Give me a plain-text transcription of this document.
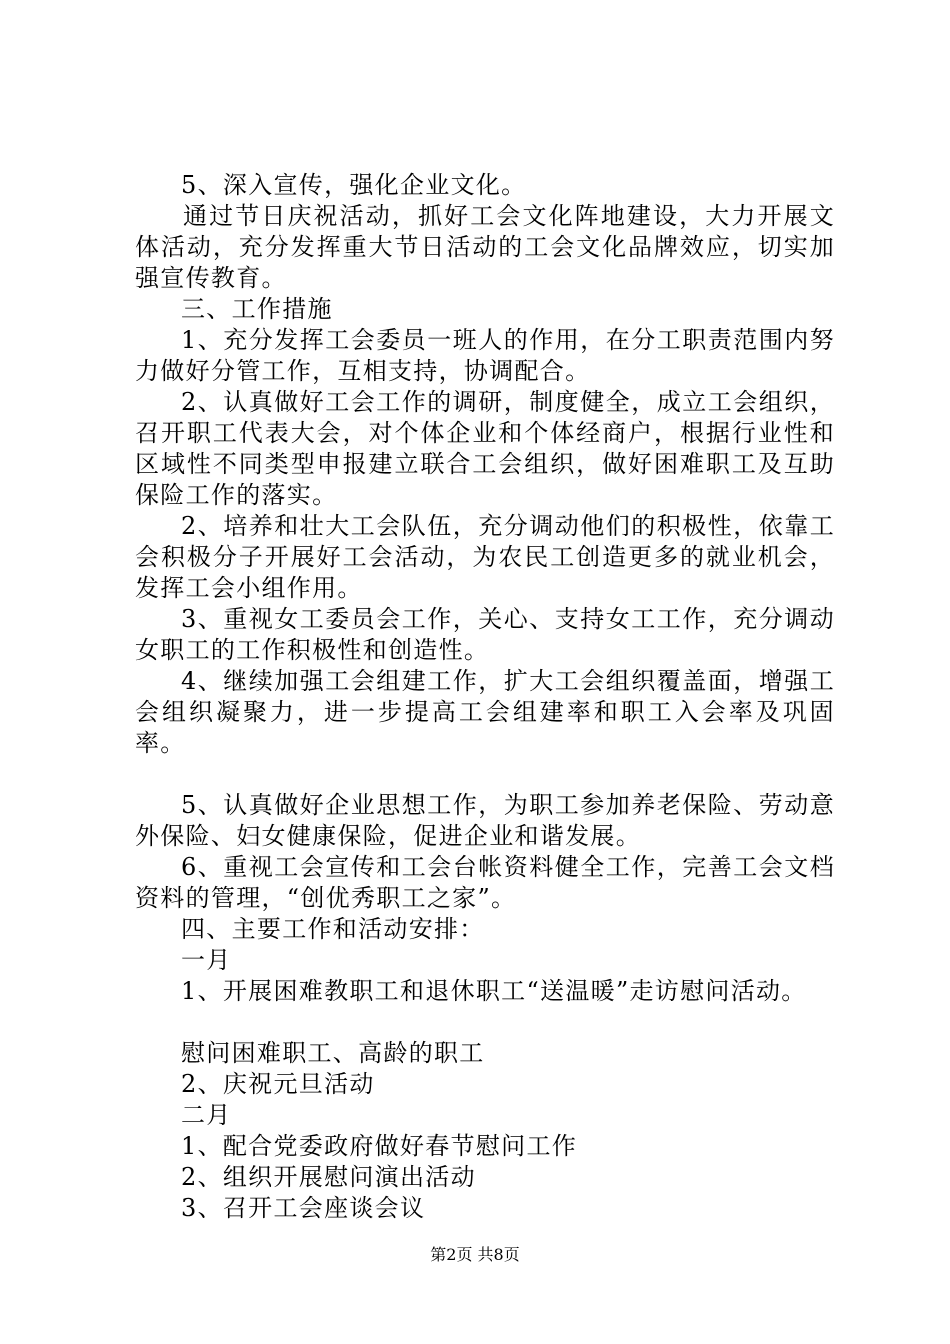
5、深入宣传，强化企业文化。

通过节日庆祝活动，抓好工会文化阵地建设，大力开展文体活动，充分发挥重大节日活动的工会文化品牌效应，切实加强宣传教育。

三、工作措施

1、充分发挥工会委员一班人的作用，在分工职责范围内努力做好分管工作，互相支持，协调配合。

2、认真做好工会工作的调研，制度健全，成立工会组织，召开职工代表大会，对个体企业和个体经商户，根据行业性和区域性不同类型申报建立联合工会组织，做好困难职工及互助保险工作的落实。

2、培养和壮大工会队伍，充分调动他们的积极性，依靠工会积极分子开展好工会活动，为农民工创造更多的就业机会，发挥工会小组作用。

3、重视女工委员会工作，关心、支持女工工作，充分调动女职工的工作积极性和创造性。

4、继续加强工会组建工作，扩大工会组织覆盖面，增强工会组织凝聚力，进一步提高工会组建率和职工入会率及巩固率。

5、认真做好企业思想工作，为职工参加养老保险、劳动意外保险、妇女健康保险，促进企业和谐发展。

6、重视工会宣传和工会台帐资料健全工作，完善工会文档资料的管理，“创优秀职工之家”。

四、主要工作和活动安排：

一月

1、开展困难教职工和退休职工“送温暖”走访慰问活动。

慰问困难职工、高龄的职工

2、庆祝元旦活动

二月

1、配合党委政府做好春节慰问工作

2、组织开展慰问演出活动

3、召开工会座谈会议

第2页 共8页
